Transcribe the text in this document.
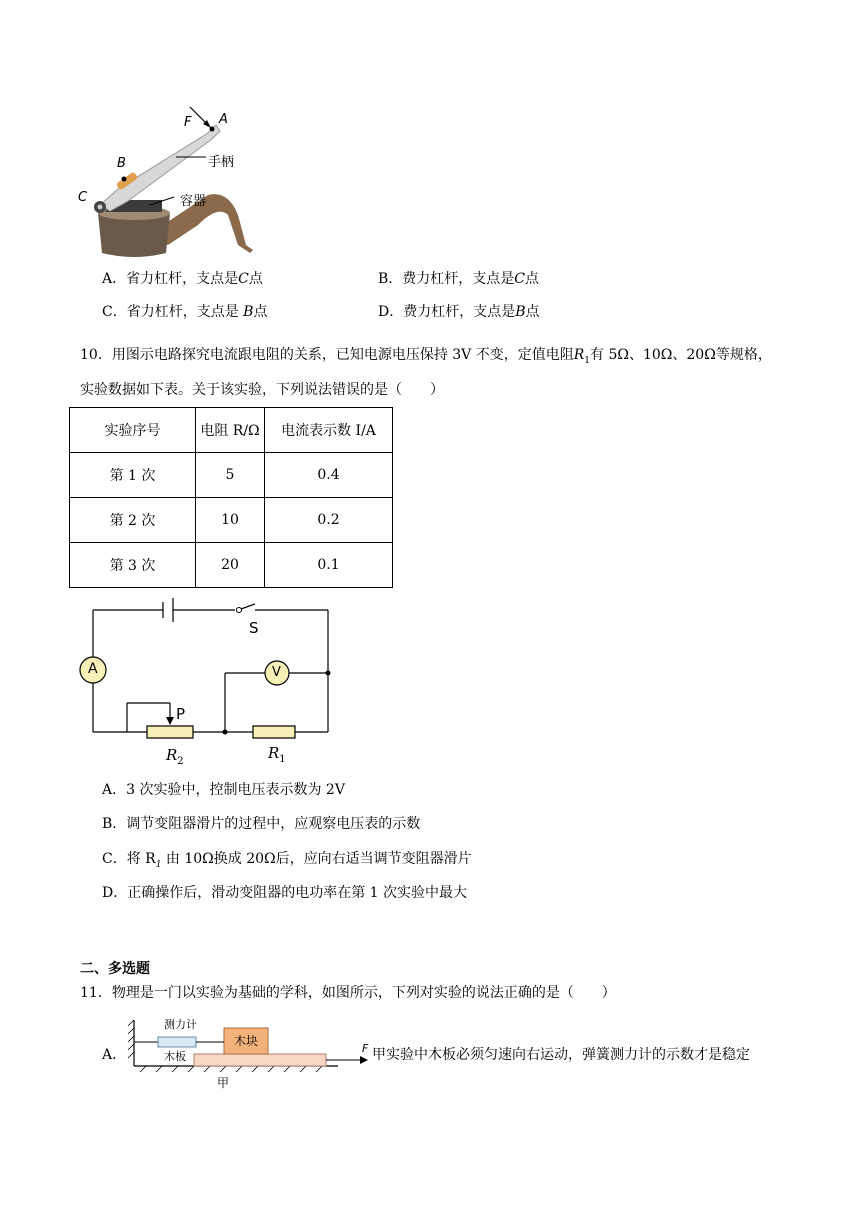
F A
B
C
手柄
容器
A．省力杠杆，支点是C点	B．费力杠杆，支点是C点
C．省力杠杆，支点是 B点	D．费力杠杆，支点是B点
10．用图示电路探究电流跟电阻的关系，已知电源电压保持 3V 不变，定值电阻$R_1$有 5Ω、10Ω、20Ω等规格，
实验数据如下表。关于该实验，下列说法错误的是（　　）
实验序号	电阻 R/Ω	电流表示数 I/A
第 1 次	5	0.4
第 2 次	10	0.2
第 3 次	20	0.1
A	V
S
P
$R_2$	$R_1$
A．3 次实验中，控制电压表示数为 2V
B．调节变阻器滑片的过程中，应观察电压表的示数
C．将 $R_1$ 由 10Ω换成 20Ω后，应向右适当调节变阻器滑片
D．正确操作后，滑动变阻器的电功率在第 1 次实验中最大
二、多选题
11．物理是一门以实验为基础的学科，如图所示，下列对实验的说法正确的是（　　）
A．
测力计
木块
木板
F
甲
甲实验中木板必须匀速向右运动，弹簧测力计的示数才是稳定
